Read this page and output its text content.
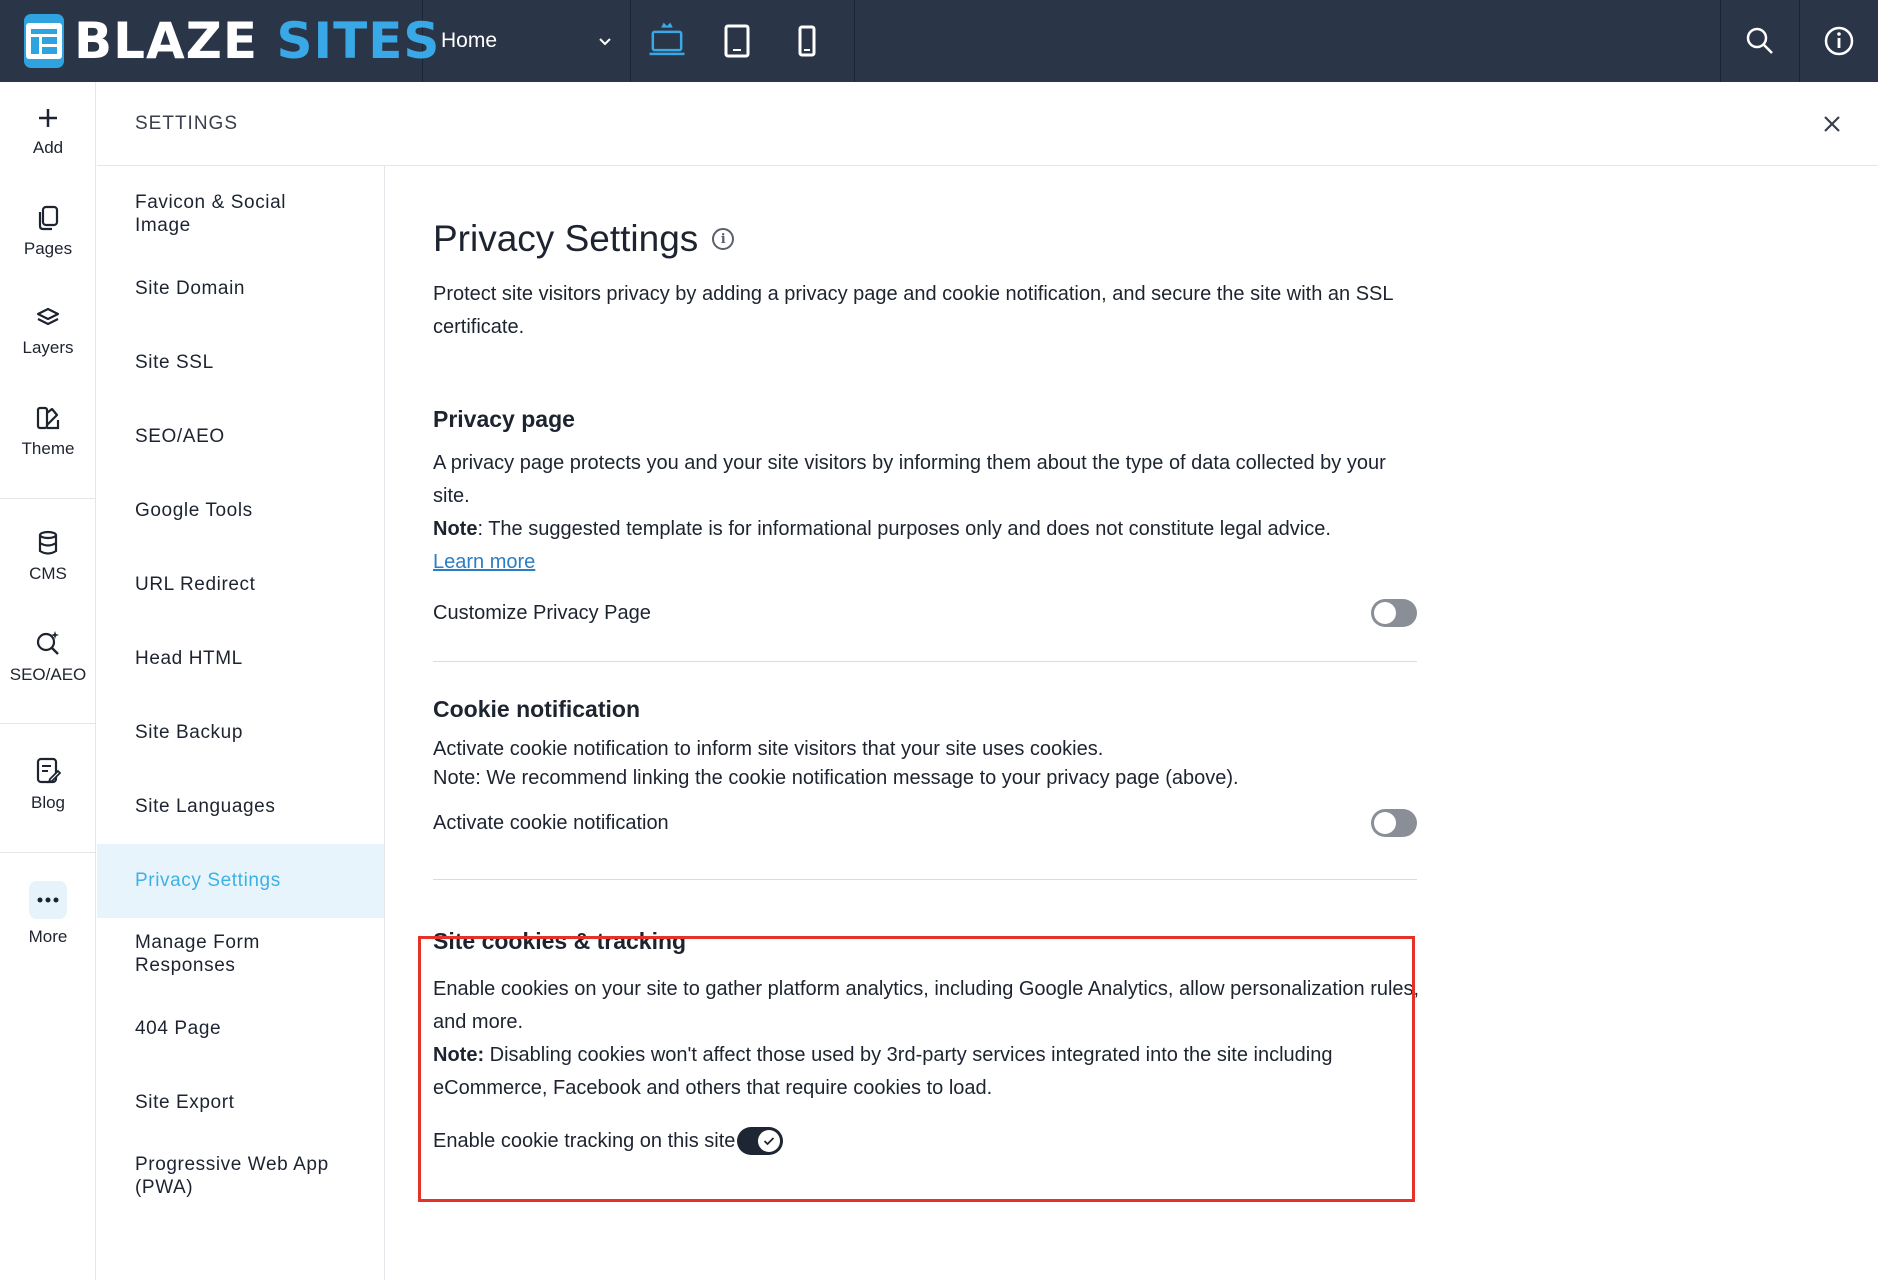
BLAZE SITES Home
Add
Pages
Layers
Theme
CMS
SEO/AEO
Blog
More
SETTINGS
Favicon & Social Image
Site Domain
Site SSL
SEO/AEO
Google Tools
URL Redirect
Head HTML
Site Backup
Site Languages
Privacy Settings
Manage Form Responses
404 Page
Site Export
Progressive Web App (PWA)
Privacy Settings	i

Protect site visitors privacy by adding a privacy page and cookie notification, and secure the site with an SSL certificate.

Privacy page

A privacy page protects you and your site visitors by informing them about the type of data collected by your site.

Note: The suggested template is for informational purposes only and does not constitute legal advice.

Learn more

Customize Privacy Page
Cookie notification

Activate cookie notification to inform site visitors that your site uses cookies.

Note: We recommend linking the cookie notification message to your privacy page (above).

Activate cookie notification
Site cookies & tracking

Enable cookies on your site to gather platform analytics, including Google Analytics, allow personalization rules, and more.

Note: Disabling cookies won't affect those used by 3rd-party services integrated into the site including eCommerce, Facebook and others that require cookies to load.

Enable cookie tracking on this site
